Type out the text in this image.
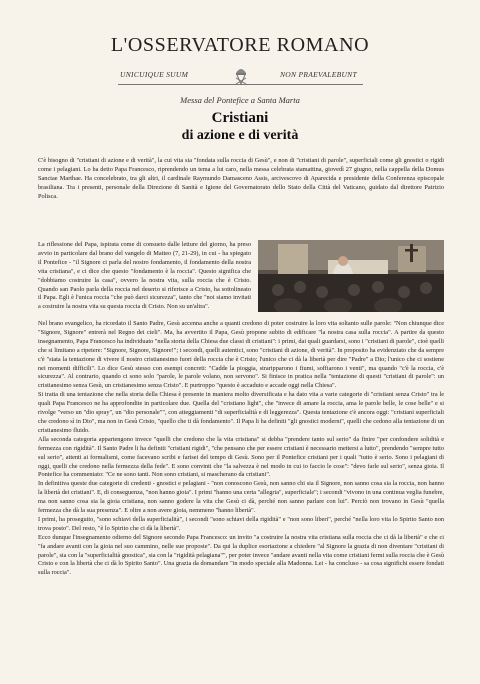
L'OSSERVATORE ROMANO
UNICUIQUE SUUM	NON PRAEVALEBUNT
Messa del Pontefice a Santa Marta
Cristiani
di azione e di verità
C'è bisogno di "cristiani di azione e di verità", la cui vita sia "fondata sulla roccia di Gesù", e non di "cristiani di parole", superficiali come gli gnostici o rigidi come i pelagiani. Lo ha detto Papa Francesco, riprendendo un tema a lui caro, nella messa celebrata stamattina, giovedì 27 giugno, nella cappella della Domus Sanctae Marthae. Ha concelebrato, tra gli altri, il cardinale Raymundo Damasceno Assis, arcivescovo di Aparecida e presidente della Conferenza episcopale brasiliana. Tra i presenti, personale della Direzione di Sanità e Igiene del Governatorato dello Stato della Città del Vaticano, guidato dal direttore Patrizio Polisca.
La riflessione del Papa, ispirata come di consueto dalle letture del giorno, ha preso avvio in particolare dal brano del vangelo di Matteo (7, 21-29), in cui - ha spiegato il Pontefice - "il Signore ci parla del nostro fondamento, il fondamento della nostra vita cristiana", e ci dice che questo "fondamento è la roccia". Questo significa che "dobbiamo costruire la casa", ovvero la nostra vita, sulla roccia che è Cristo. Quando san Paolo parla della roccia nel deserto si riferisce a Cristo, ha sottolineato il Papa. Egli è l'unica roccia "che può darci sicurezza", tanto che "noi siamo invitati a costruire la nostra vita su questa roccia di Cristo. Non su un'altra".
Nel brano evangelico, ha ricordato il Santo Padre, Gesù accenna anche a quanti credono di poter costruire la loro vita soltanto sulle parole: "Non chiunque dice "Signore, Signore" entrerà nel Regno dei cieli". Ma, ha avvertito il Papa, Gesù propone subito di edificare "la nostra casa sulla roccia". A partire da questo insegnamento, Papa Francesco ha individuato "nella storia della Chiesa due classi di cristiani": i primi, dai quali guardarsi, sono i "cristiani di parole", cioè quelli che si limitano a ripetere: "Signore, Signore, Signore!"; i secondi, quelli autentici, sono "cristiani di azione, di verità". In proposito ha evidenziato che da sempre c'è "stata la tentazione di vivere il nostro cristianesimo fuori della roccia che è Cristo; l'unico che ci dà la libertà per dire "Padre" a Dio; l'unico che ci sostiene nei momenti difficili". Lo dice Gesù stesso con esempi concreti: "Cadde la pioggia, straripparono i fiumi, soffiarono i venti", ma quando "c'è la roccia, c'è sicurezza". Al contrario, quando ci sono solo "parole, le parole volano, non servono". Si finisce in pratica nella "tentazione di questi "cristiani di parole": un cristianesimo senza Gesù, un cristianesimo senza Cristo". E purtroppo "questo è accaduto e accade oggi nella Chiesa".
Si tratta di una tentazione che nella storia della Chiesa è presente in maniera molto diversificata e ha dato vita a varie categorie di "cristiani senza Cristo" tra le quali Papa Francesco ne ha approfondite in particolare due. Quella del "cristiano light", che "invece di amare la roccia, ama le parole belle, le cose belle" e si rivolge "verso un "dio spray", un "dio personale"", con atteggiamenti "di superficialità e di leggerezza". Questa tentazione c'è ancora oggi: "cristiani superficiali che credono sì in Dio", ma non in Gesù Cristo, "quello che ti dà fondamento". Il Papa li ha definiti "gli gnostici moderni", quelli che cedono alla tentazione di un cristianesimo fluido.
Alla seconda categoria appartengono invece "quelli che credono che la vita cristiana" si debba "prendere tanto sul serio" da finire "per confondere solidità e fermezza con rigidità". Il Santo Padre li ha definiti "cristiani rigidi", "che pensano che per essere cristiani è necessario mettersi a lutto", prendendo "sempre tutto sul serio", attenti ai formalismi, come facevano scribi e farisei del tempo di Gesù. Sono per il Pontefice cristiani per i quali "tutto è serio. Sono i pelagiani di oggi, quelli che credono nella fermezza della fede". E sono convinti che "la salvezza è nel modo in cui io faccio le cose": "devo farle sul serio", senza gioia. Il Pontefice ha commentato: "Ce ne sono tanti. Non sono cristiani, si mascherano da cristiani".
In definitiva queste due categorie di credenti - gnostici e pelagiani - "non conoscono Gesù, non sanno chi sia il Signore, non sanno cosa sia la roccia, non hanno la libertà dei cristiani". E, di conseguenza, "non hanno gioia". I primi "hanno una certa "allegria", superficiale"; i secondi "vivono in una continua veglia funebre, ma non sanno cosa sia la gioia cristiana, non sanno godere la vita che Gesù ci dà, perché non sanno parlare con lui". Perciò non trovano in Gesù "quella fermezza che dà la sua presenza". E oltre a non avere gioia, nemmeno "hanno libertà".
I primi, ha proseguito, "sono schiavi della superficialità", i secondi "sono schiavi della rigidità" e "non sono liberi", perché "nella loro vita lo Spirito Santo non trova posto". Del resto, "è lo Spirito che ci dà la libertà".
Ecco dunque l'insegnamento odierno del Signore secondo Papa Francesco: un invito "a costruire la nostra vita cristiana sulla roccia che ci dà la libertà" e che ci "fa andare avanti con la gioia nel suo cammino, nelle sue proposte". Da qui la duplice esortazione a chiedere "al Signore la grazia di non diventare "cristiani di parole", sia con la "superficialità gnostica", sia con la "rigidità pelagiana"", per poter invece "andare avanti nella vita come cristiani fermi sulla roccia che è Gesù Cristo e con la libertà che ci dà lo Spirito Santo". Una grazia da domandare "in modo speciale alla Madonna. Lei - ha concluso - sa cosa significhi essere fondati sulla roccia".
